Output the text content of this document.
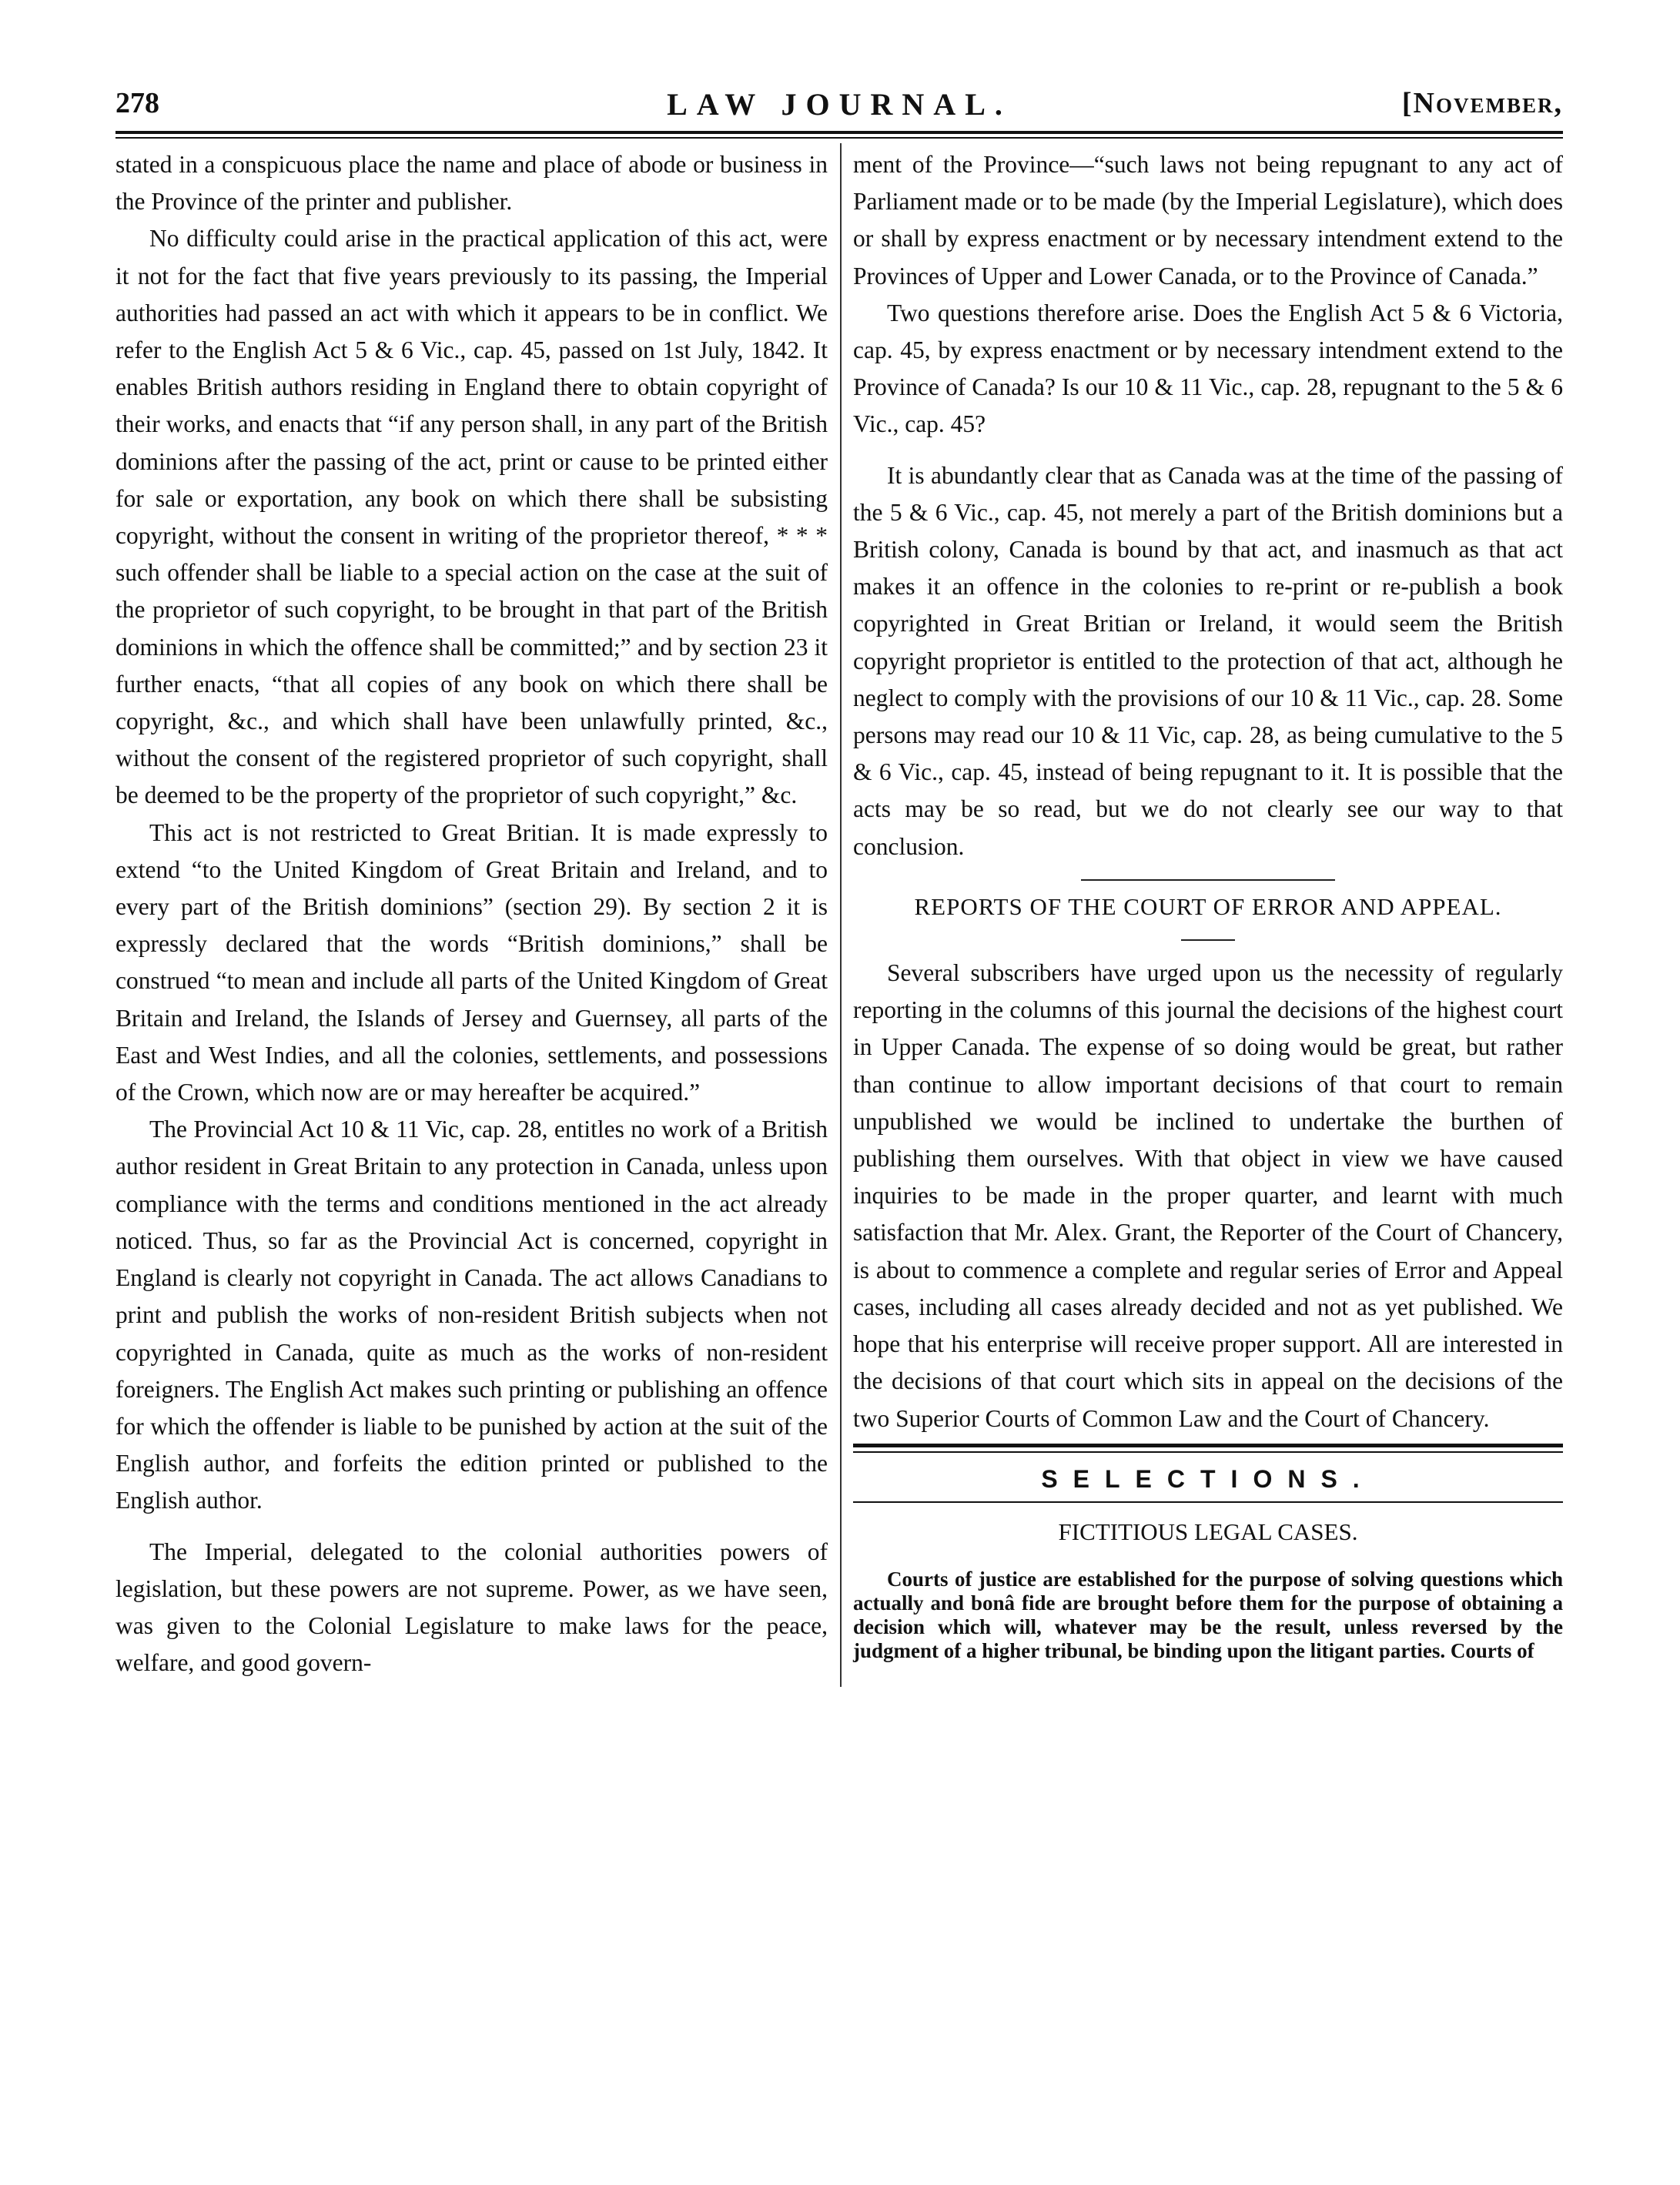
278	LAW JOURNAL.	[November,

stated in a conspicuous place the name and place of abode or business in the Province of the printer and publisher.

No difficulty could arise in the practical application of this act, were it not for the fact that five years previously to its passing, the Imperial authorities had passed an act with which it appears to be in conflict. We refer to the English Act 5 & 6 Vic., cap. 45, passed on 1st July, 1842. It enables British authors residing in England there to obtain copyright of their works, and enacts that “if any person shall, in any part of the British dominions after the passing of the act, print or cause to be printed either for sale or exportation, any book on which there shall be subsisting copyright, without the consent in writing of the proprietor thereof, * * * such offender shall be liable to a special action on the case at the suit of the proprietor of such copyright, to be brought in that part of the British dominions in which the offence shall be committed;” and by section 23 it further enacts, “that all copies of any book on which there shall be copyright, &c., and which shall have been unlawfully printed, &c., without the consent of the registered proprietor of such copyright, shall be deemed to be the property of the proprietor of such copyright,” &c.

This act is not restricted to Great Britian. It is made expressly to extend “to the United Kingdom of Great Britain and Ireland, and to every part of the British dominions” (section 29). By section 2 it is expressly declared that the words “British dominions,” shall be construed “to mean and include all parts of the United Kingdom of Great Britain and Ireland, the Islands of Jersey and Guernsey, all parts of the East and West Indies, and all the colonies, settlements, and possessions of the Crown, which now are or may hereafter be acquired.”

The Provincial Act 10 & 11 Vic, cap. 28, entitles no work of a British author resident in Great Britain to any protection in Canada, unless upon compliance with the terms and conditions mentioned in the act already noticed. Thus, so far as the Provincial Act is concerned, copyright in England is clearly not copyright in Canada. The act allows Canadians to print and publish the works of non-resident British subjects when not copyrighted in Canada, quite as much as the works of non-resident foreigners. The English Act makes such printing or publishing an offence for which the offender is liable to be punished by action at the suit of the English author, and forfeits the edition printed or published to the English author.

The Imperial, delegated to the colonial authorities powers of legislation, but these powers are not supreme. Power, as we have seen, was given to the Colonial Legislature to make laws for the peace, welfare, and good govern-

ment of the Province—“such laws not being repugnant to any act of Parliament made or to be made (by the Imperial Legislature), which does or shall by express enactment or by necessary intendment extend to the Provinces of Upper and Lower Canada, or to the Province of Canada.”

Two questions therefore arise. Does the English Act 5 & 6 Victoria, cap. 45, by express enactment or by necessary intendment extend to the Province of Canada? Is our 10 & 11 Vic., cap. 28, repugnant to the 5 & 6 Vic., cap. 45?

It is abundantly clear that as Canada was at the time of the passing of the 5 & 6 Vic., cap. 45, not merely a part of the British dominions but a British colony, Canada is bound by that act, and inasmuch as that act makes it an offence in the colonies to re-print or re-publish a book copyrighted in Great Britian or Ireland, it would seem the British copyright proprietor is entitled to the protection of that act, although he neglect to comply with the provisions of our 10 & 11 Vic., cap. 28. Some persons may read our 10 & 11 Vic, cap. 28, as being cumulative to the 5 & 6 Vic., cap. 45, instead of being repugnant to it. It is possible that the acts may be so read, but we do not clearly see our way to that conclusion.

REPORTS OF THE COURT OF ERROR AND APPEAL.

Several subscribers have urged upon us the necessity of regularly reporting in the columns of this journal the decisions of the highest court in Upper Canada. The expense of so doing would be great, but rather than continue to allow important decisions of that court to remain unpublished we would be inclined to undertake the burthen of publishing them ourselves. With that object in view we have caused inquiries to be made in the proper quarter, and learnt with much satisfaction that Mr. Alex. Grant, the Reporter of the Court of Chancery, is about to commence a complete and regular series of Error and Appeal cases, including all cases already decided and not as yet published. We hope that his enterprise will receive proper support. All are interested in the decisions of that court which sits in appeal on the decisions of the two Superior Courts of Common Law and the Court of Chancery.

SELECTIONS.
FICTITIOUS LEGAL CASES.

Courts of justice are established for the purpose of solving questions which actually and bonâ fide are brought before them for the purpose of obtaining a decision which will, whatever may be the result, unless reversed by the judgment of a higher tribunal, be binding upon the litigant parties. Courts of
